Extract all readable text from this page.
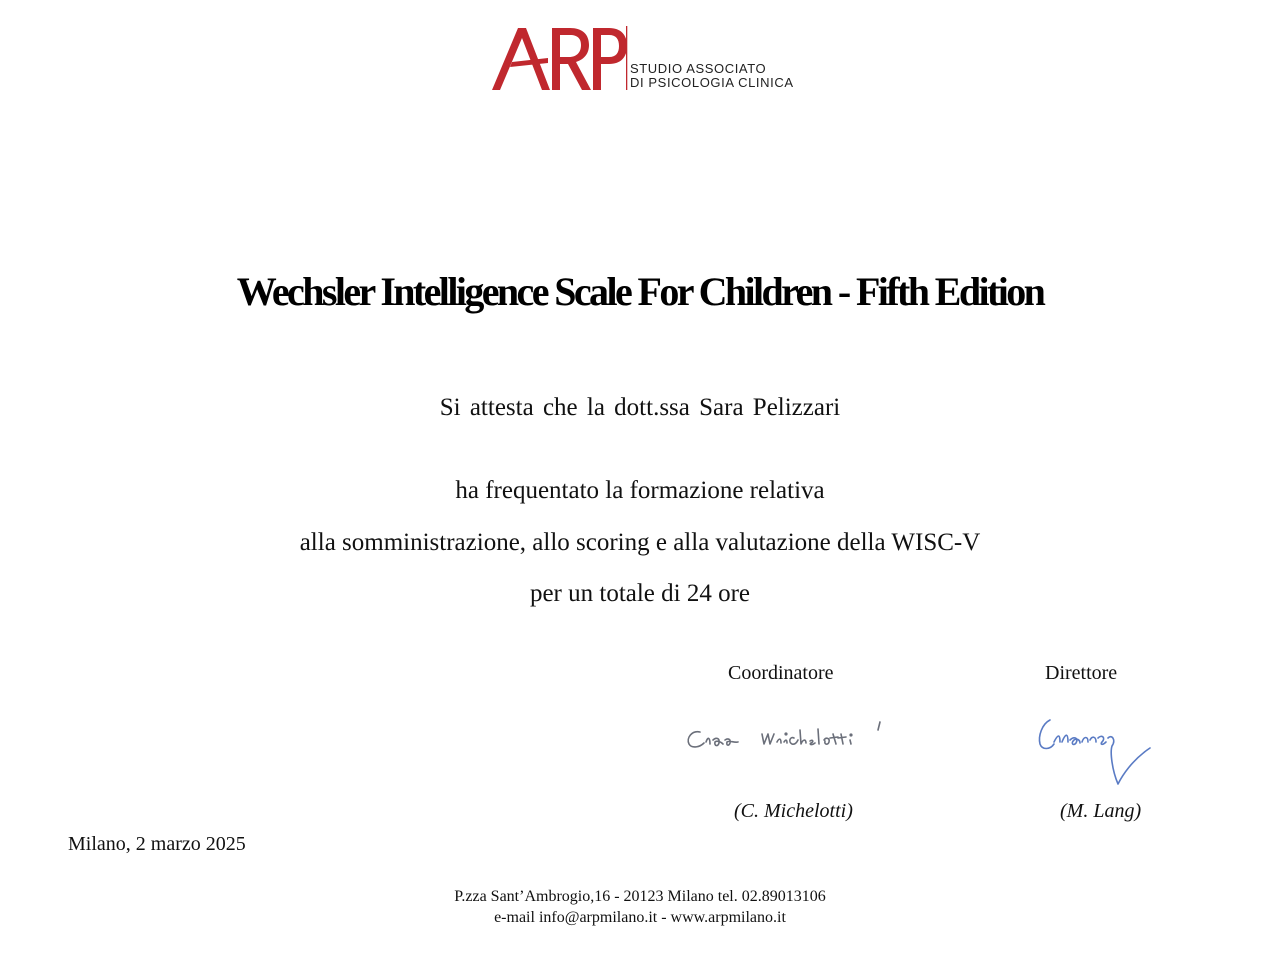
STUDIO ASSOCIATO
DI PSICOLOGIA CLINICA
Wechsler Intelligence Scale For Children - Fifth Edition
Si attesta che la dott.ssa Sara Pelizzari
ha frequentato la formazione relativa
alla somministrazione, allo scoring e alla valutazione della WISC-V
per un totale di 24 ore
Coordinatore	Direttore
(C. Michelotti)	(M. Lang)
Milano, 2 marzo 2025
P.zza Sant’Ambrogio,16 - 20123 Milano tel. 02.89013106
e-mail info@arpmilano.it - www.arpmilano.it
